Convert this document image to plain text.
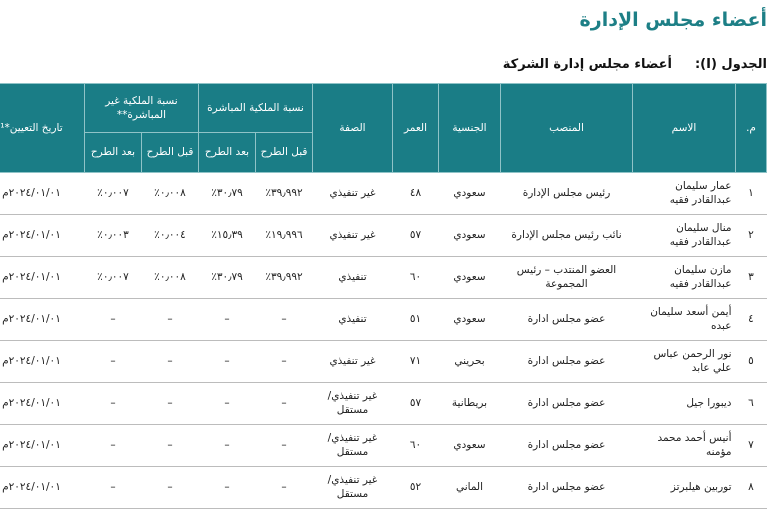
أعضاء مجلس الإدارة
الجدول (I):
أعضاء مجلس إدارة الشركة
م.	الاسم	المنصب	الجنسية	العمر	الصفة	نسبة الملكية المباشرة		نسبة الملكية غير المباشرة**		تاريخ التعيين*¹
						قبل الطرح	بعد الطرح	قبل الطرح	بعد الطرح	
١	عمار سليمان عبدالقادر فقيه	رئيس مجلس الإدارة	سعودي	٤٨	غير تنفيذي	٣٩٫٩٩٢٪	٣٠٫٧٩٪	٠٫٠٠٨٪	٠٫٠٠٧٪	٢٠٢٤/٠١/٠١م
٢	منال سليمان عبدالقادر فقيه	نائب رئيس مجلس الإدارة	سعودي	٥٧	غير تنفيذي	١٩٫٩٩٦٪	١٥٫٣٩٪	٠٫٠٠٤٪	٠٫٠٠٣٪	٢٠٢٤/٠١/٠١م
٣	مازن سليمان عبدالقادر فقيه	العضو المنتدب – رئيس المجموعة	سعودي	٦٠	تنفيذي	٣٩٫٩٩٢٪	٣٠٫٧٩٪	٠٫٠٠٨٪	٠٫٠٠٧٪	٢٠٢٤/٠١/٠١م
٤	أيمن أسعد سليمان عبده	عضو مجلس ادارة	سعودي	٥١	تنفيذي	–	–	–	–	٢٠٢٤/٠١/٠١م
٥	نور الرحمن عباس علي عابد	عضو مجلس ادارة	بحريني	٧١	غير تنفيذي	–	–	–	–	٢٠٢٤/٠١/٠١م
٦	ديبورا جيل	عضو مجلس ادارة	بريطانية	٥٧	غير تنفيذي/ مستقل	–	–	–	–	٢٠٢٤/٠١/٠١م
٧	أنيس أحمد محمد مؤمنه	عضو مجلس ادارة	سعودي	٦٠	غير تنفيذي/ مستقل	–	–	–	–	٢٠٢٤/٠١/٠١م
٨	توربين هيلبرتز	عضو مجلس ادارة	الماني	٥٢	غير تنفيذي/ مستقل	–	–	–	–	٢٠٢٤/٠١/٠١م
